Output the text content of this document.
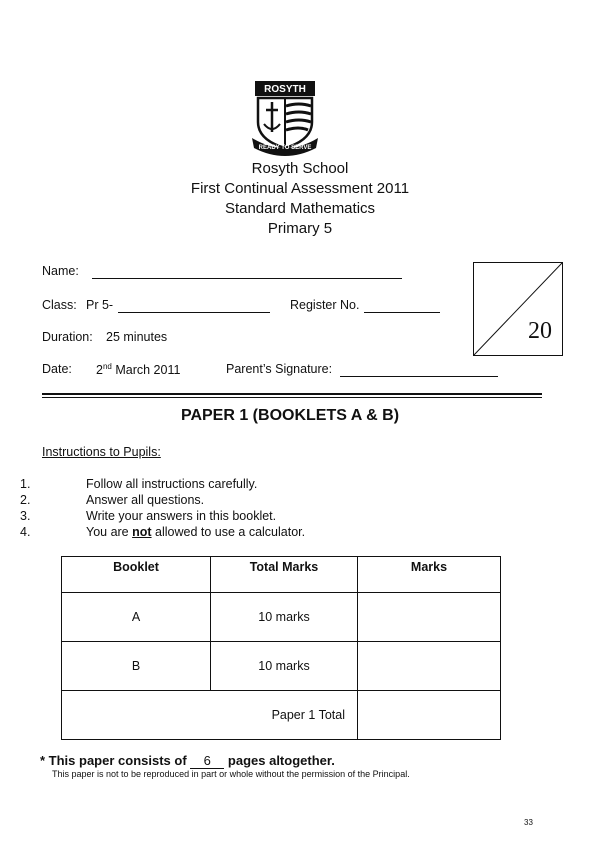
ROSYTH
READY TO SERVE
Rosyth School
First Continual Assessment 2011
Standard Mathematics
Primary 5
Name:
Class: Pr 5-	Register No.
Duration: 25 minutes
Date: 2nd March 2011	Parent’s Signature:
20
PAPER 1 (BOOKLETS A & B)
Instructions to Pupils:
1.	Follow all instructions carefully.
2.	Answer all questions.
3.	Write your answers in this booklet.
4.	You are not allowed to use a calculator.
Booklet	Total Marks	Marks
A	10 marks	
B	10 marks	
Paper 1 Total		
* This paper consists of 6 pages altogether.
This paper is not to be reproduced in part or whole without the permission of the Principal.
33
